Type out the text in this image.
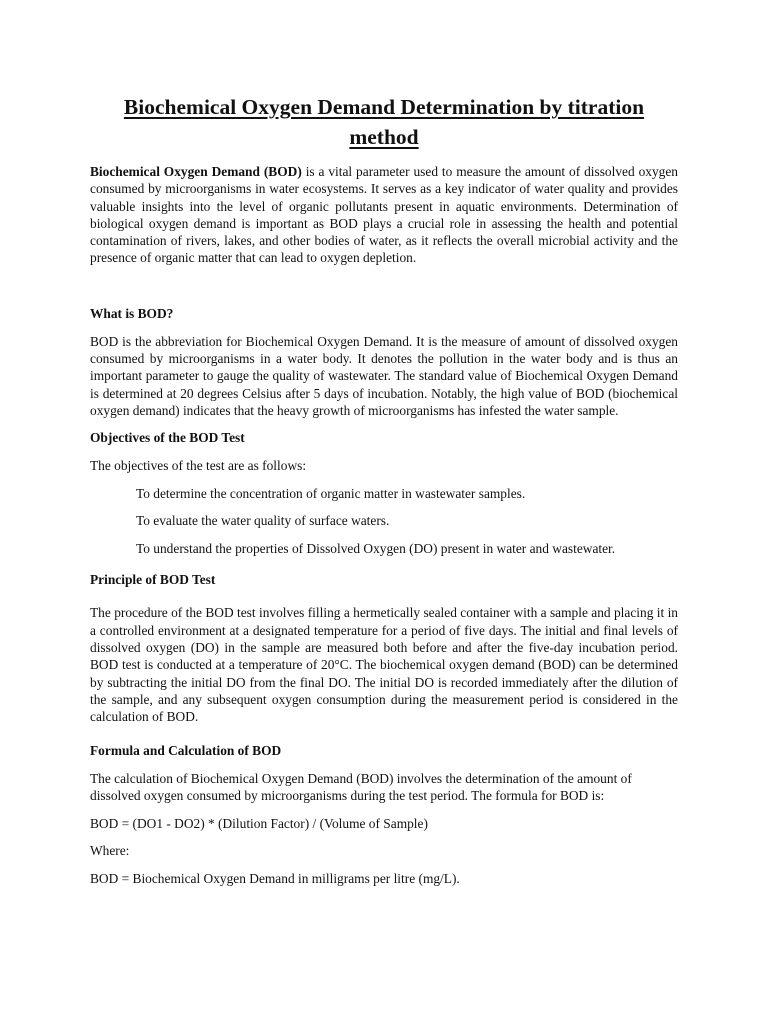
Biochemical Oxygen Demand Determination by titration method

Biochemical Oxygen Demand (BOD) is a vital parameter used to measure the amount of dissolved oxygen consumed by microorganisms in water ecosystems. It serves as a key indicator of water quality and provides valuable insights into the level of organic pollutants present in aquatic environments. Determination of biological oxygen demand is important as BOD plays a crucial role in assessing the health and potential contamination of rivers, lakes, and other bodies of water, as it reflects the overall microbial activity and the presence of organic matter that can lead to oxygen depletion.

What is BOD?

BOD is the abbreviation for Biochemical Oxygen Demand. It is the measure of amount of dissolved oxygen consumed by microorganisms in a water body. It denotes the pollution in the water body and is thus an important parameter to gauge the quality of wastewater. The standard value of Biochemical Oxygen Demand is determined at 20 degrees Celsius after 5 days of incubation. Notably, the high value of BOD (biochemical oxygen demand) indicates that the heavy growth of microorganisms has infested the water sample.

Objectives of the BOD Test

The objectives of the test are as follows:

To determine the concentration of organic matter in wastewater samples.

To evaluate the water quality of surface waters.

To understand the properties of Dissolved Oxygen (DO) present in water and wastewater.

Principle of BOD Test

The procedure of the BOD test involves filling a hermetically sealed container with a sample and placing it in a controlled environment at a designated temperature for a period of five days. The initial and final levels of dissolved oxygen (DO) in the sample are measured both before and after the five-day incubation period. BOD test is conducted at a temperature of 20°C. The biochemical oxygen demand (BOD) can be determined by subtracting the initial DO from the final DO. The initial DO is recorded immediately after the dilution of the sample, and any subsequent oxygen consumption during the measurement period is considered in the calculation of BOD.

Formula and Calculation of BOD

The calculation of Biochemical Oxygen Demand (BOD) involves the determination of the amount of dissolved oxygen consumed by microorganisms during the test period. The formula for BOD is:

BOD = (DO1 - DO2) * (Dilution Factor) / (Volume of Sample)

Where:

BOD = Biochemical Oxygen Demand in milligrams per litre (mg/L).
